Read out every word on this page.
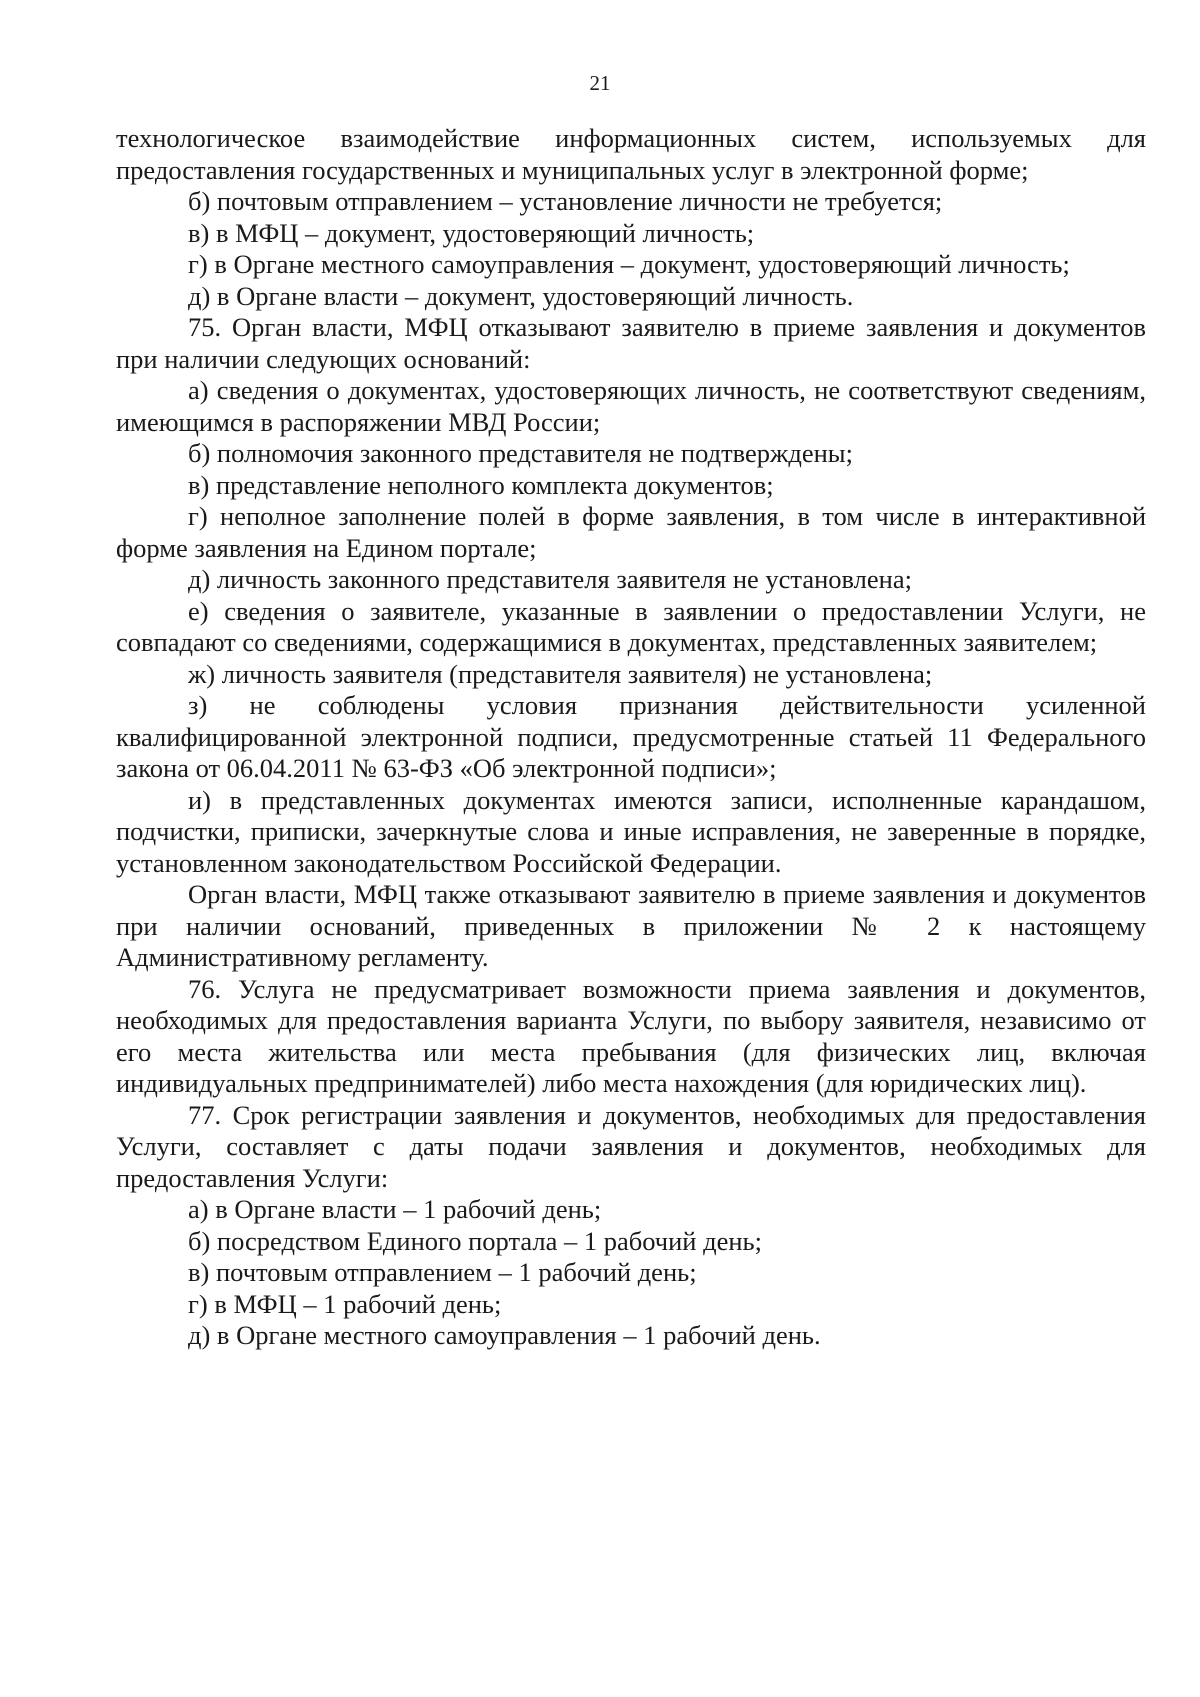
21

технологическое взаимодействие информационных систем, используемых для предоставления государственных и муниципальных услуг в электронной форме;

б) почтовым отправлением – установление личности не требуется;

в) в МФЦ – документ, удостоверяющий личность;

г) в Органе местного самоуправления – документ, удостоверяющий личность;

д) в Органе власти – документ, удостоверяющий личность.

75. Орган власти, МФЦ отказывают заявителю в приеме заявления и документов при наличии следующих оснований:

а) сведения о документах, удостоверяющих личность, не соответствуют сведениям, имеющимся в распоряжении МВД России;

б) полномочия законного представителя не подтверждены;

в) представление неполного комплекта документов;

г) неполное заполнение полей в форме заявления, в том числе в интерактивной форме заявления на Едином портале;

д) личность законного представителя заявителя не установлена;

е) сведения о заявителе, указанные в заявлении о предоставлении Услуги, не совпадают со сведениями, содержащимися в документах, представленных заявителем;

ж) личность заявителя (представителя заявителя) не установлена;

з) не соблюдены условия признания действительности усиленной квалифицированной электронной подписи, предусмотренные статьей 11 Федерального закона от 06.04.2011 № 63-ФЗ «Об электронной подписи»;

и) в представленных документах имеются записи, исполненные карандашом, подчистки, приписки, зачеркнутые слова и иные исправления, не заверенные в порядке, установленном законодательством Российской Федерации.

Орган власти, МФЦ также отказывают заявителю в приеме заявления и документов при наличии оснований, приведенных в приложении № 2 к настоящему Административному регламенту.

76. Услуга не предусматривает возможности приема заявления и документов, необходимых для предоставления варианта Услуги, по выбору заявителя, независимо от его места жительства или места пребывания (для физических лиц, включая индивидуальных предпринимателей) либо места нахождения (для юридических лиц).

77. Срок регистрации заявления и документов, необходимых для предоставления Услуги, составляет с даты подачи заявления и документов, необходимых для предоставления Услуги:

а) в Органе власти – 1 рабочий день;

б) посредством Единого портала – 1 рабочий день;

в) почтовым отправлением – 1 рабочий день;

г) в МФЦ – 1 рабочий день;

д) в Органе местного самоуправления – 1 рабочий день.
